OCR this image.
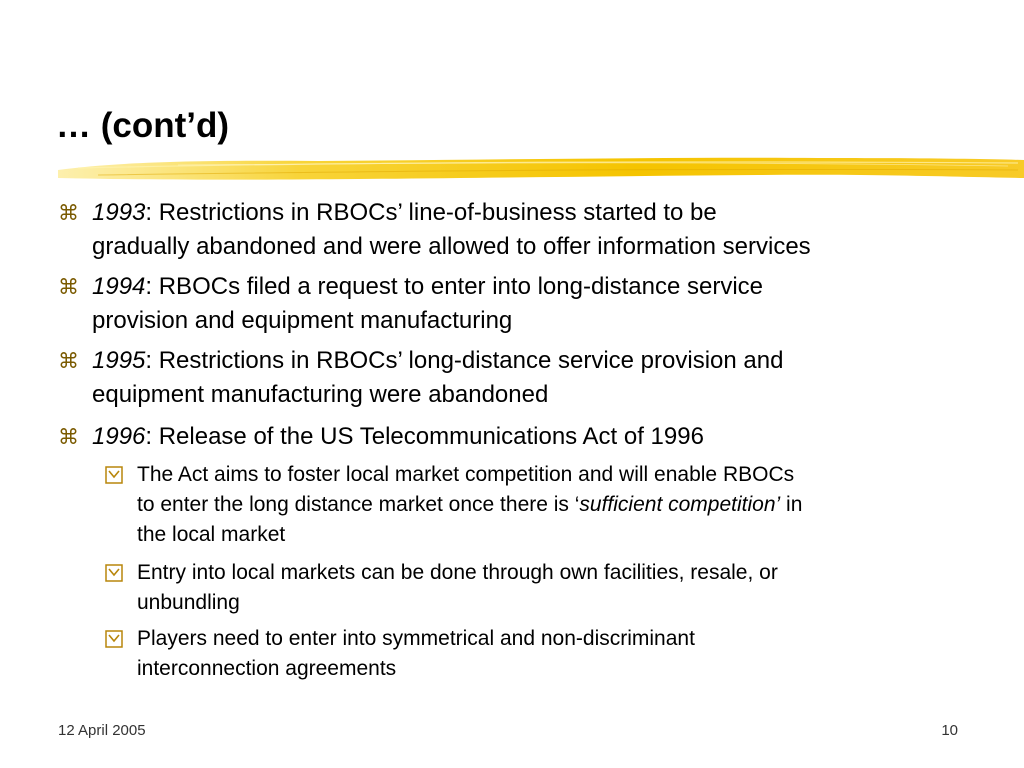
… (cont’d)
⌘ 1993: Restrictions in RBOCs’ line-of-business started to be
gradually abandoned and were allowed to offer information services
⌘ 1994: RBOCs filed a request to enter into long-distance service
provision and equipment manufacturing
⌘ 1995: Restrictions in RBOCs’ long-distance service provision and
equipment manufacturing were abandoned
⌘ 1996: Release of the US Telecommunications Act of 1996
The Act aims to foster local market competition and will enable RBOCs
to enter the long distance market once there is ‘sufficient competition’ in
the local market
Entry into local markets can be done through own facilities, resale, or
unbundling
Players need to enter into symmetrical and non-discriminant
interconnection agreements
12 April 2005	10
